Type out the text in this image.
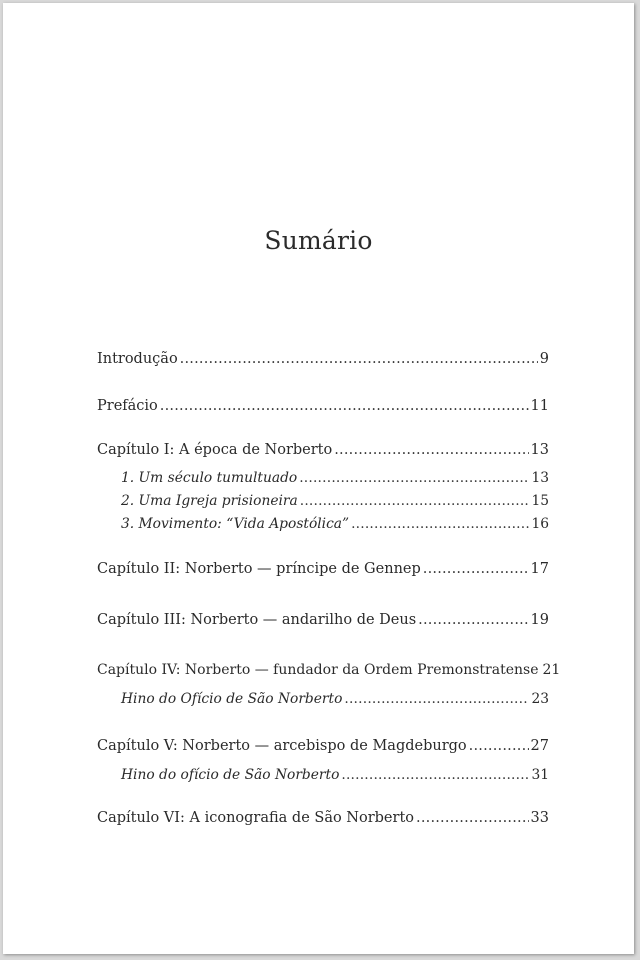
Sumário
Introdução .....	9
Prefácio .....	11
Capítulo I: A época de Norberto .....	13
1. Um século tumultuado .....	13
2. Uma Igreja prisioneira .....	15
3. Movimento: “Vida Apostólica” .....	16
Capítulo II: Norberto — príncipe de Gennep .....	17
Capítulo III: Norberto — andarilho de Deus .....	19
Capítulo IV: Norberto — fundador da Ordem Premonstratense 21
Hino do Ofício de São Norberto .....	23
Capítulo V: Norberto — arcebispo de Magdeburgo .....	27
Hino do ofício de São Norberto .....	31
Capítulo VI: A iconografia de São Norberto .....	33
